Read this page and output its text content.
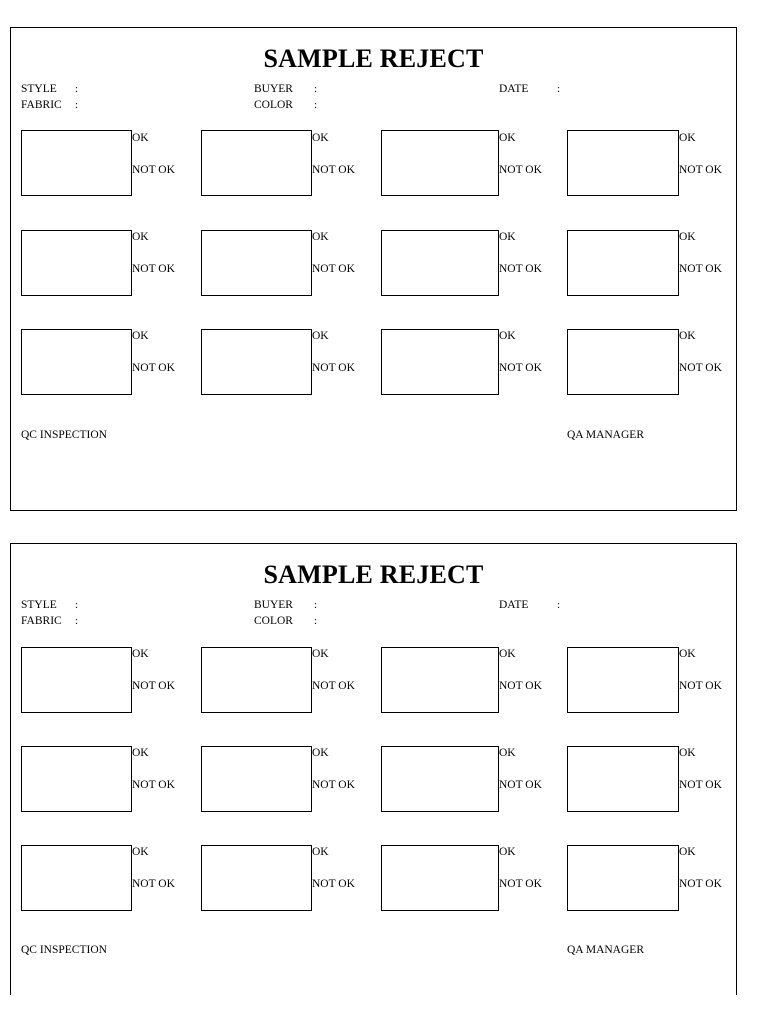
SAMPLE REJECT
STYLE :
FABRIC :
BUYER :
COLOR :
DATE	:
OK
NOT OK
OK
NOT OK
OK
NOT OK
OK
NOT OK
OK
NOT OK
OK
NOT OK
OK
NOT OK
OK
NOT OK
OK
NOT OK
OK
NOT OK
OK
NOT OK
OK
NOT OK
QC INSPECTION	QA MANAGER
SAMPLE REJECT
STYLE :
FABRIC :
BUYER :
COLOR :
DATE	:
OK
NOT OK
OK
NOT OK
OK
NOT OK
OK
NOT OK
OK
NOT OK
OK
NOT OK
OK
NOT OK
OK
NOT OK
OK
NOT OK
OK
NOT OK
OK
NOT OK
OK
NOT OK
QC INSPECTION	QA MANAGER
